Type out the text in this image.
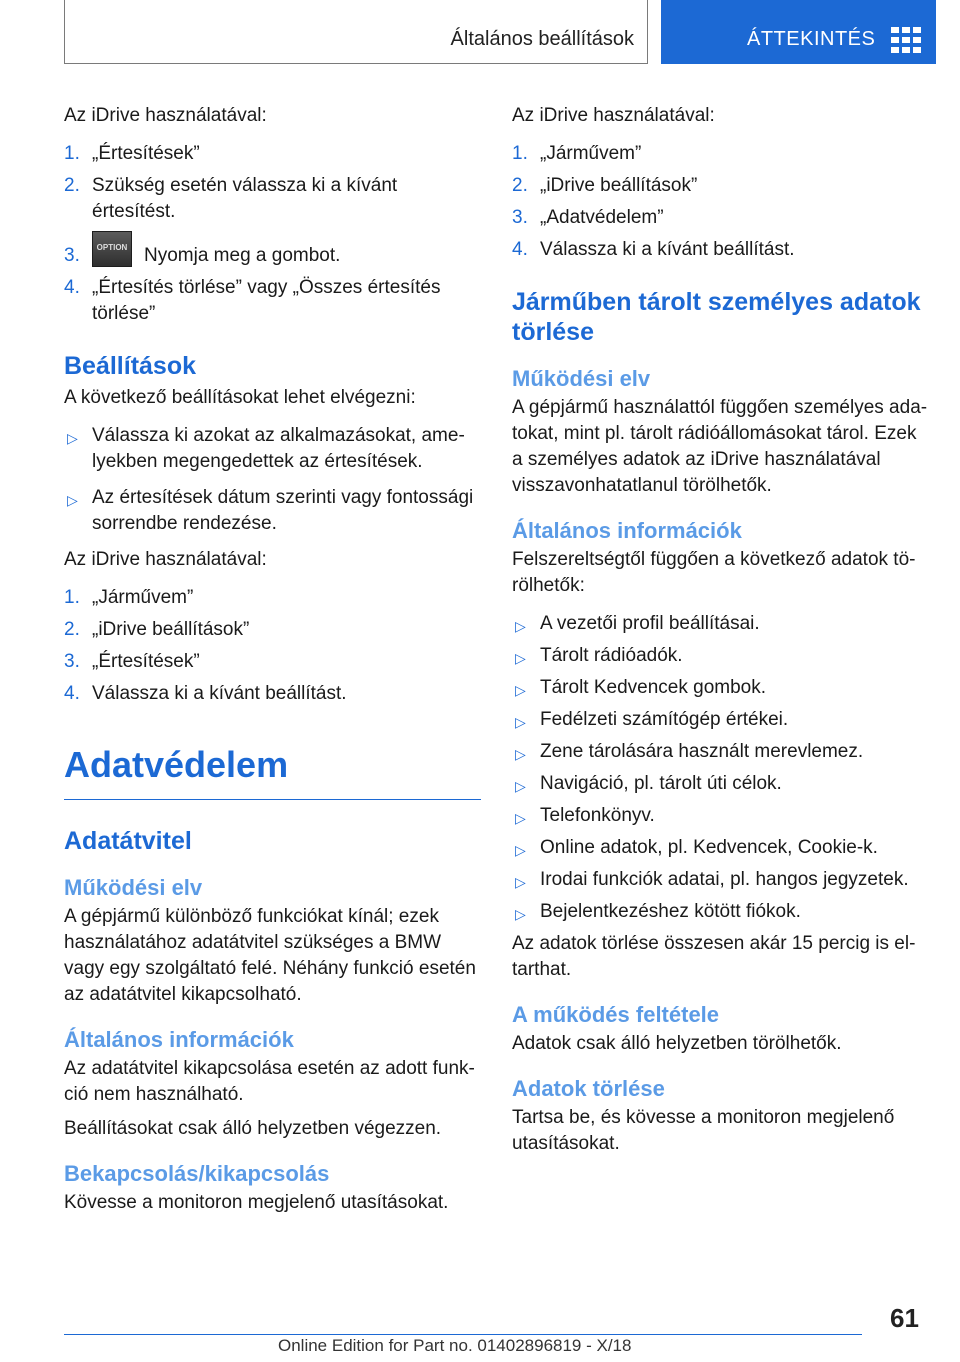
Általános beállítások	ÁTTEKINTÉS

Az iDrive használatával:

1. „Értesítések”
2. Szükség esetén válassza ki a kívánt értesítést.
3.	OPTION Nyomja meg a gombot.
4. „Értesítés törlése” vagy „Összes értesítés törlése”
Beállítások

A következő beállításokat lehet elvégezni:

▷ Válassza ki azokat az alkalmazásokat, amelyekben megengedettek az értesítések.
▷ Az értesítések dátum szerinti vagy fontossági sorrendbe rendezése.

Az iDrive használatával:

1. „Járművem”
2. „iDrive beállítások”
3. „Értesítések”
4. Válassza ki a kívánt beállítást.
Adatvédelem
Adatátvitel
Működési elv

A gépjármű különböző funkciókat kínál; ezek használatához adatátvitel szükséges a BMW vagy egy szolgáltató felé. Néhány funkció esetén az adatátvitel kikapcsolható.

Általános információk

Az adatátvitel kikapcsolása esetén az adott funkció nem használható.

Beállításokat csak álló helyzetben végezzen.

Bekapcsolás/kikapcsolás

Kövesse a monitoron megjelenő utasításokat.

Az iDrive használatával:

1. „Járművem”
2. „iDrive beállítások”
3. „Adatvédelem”
4. Válassza ki a kívánt beállítást.
Járműben tárolt személyes adatok törlése
Működési elv

A gépjármű használattól függően személyes adatokat, mint pl. tárolt rádióállomásokat tárol. Ezek a személyes adatok az iDrive használatával visszavonhatatlanul törölhetők.

Általános információk

Felszereltségtől függően a következő adatok törölhetők:

▷ A vezetői profil beállításai.
▷ Tárolt rádióadók.
▷ Tárolt Kedvencek gombok.
▷ Fedélzeti számítógép értékei.
▷ Zene tárolására használt merevlemez.
▷ Navigáció, pl. tárolt úti célok.
▷ Telefonkönyv.
▷ Online adatok, pl. Kedvencek, Cookie-k.
▷ Irodai funkciók adatai, pl. hangos jegyzetek.
▷ Bejelentkezéshez kötött fiókok.

Az adatok törlése összesen akár 15 percig is eltarthat.

A működés feltétele

Adatok csak álló helyzetben törölhetők.

Adatok törlése

Tartsa be, és kövesse a monitoron megjelenő utasításokat.

61
Online Edition for Part no. 01402896819 - X/18
